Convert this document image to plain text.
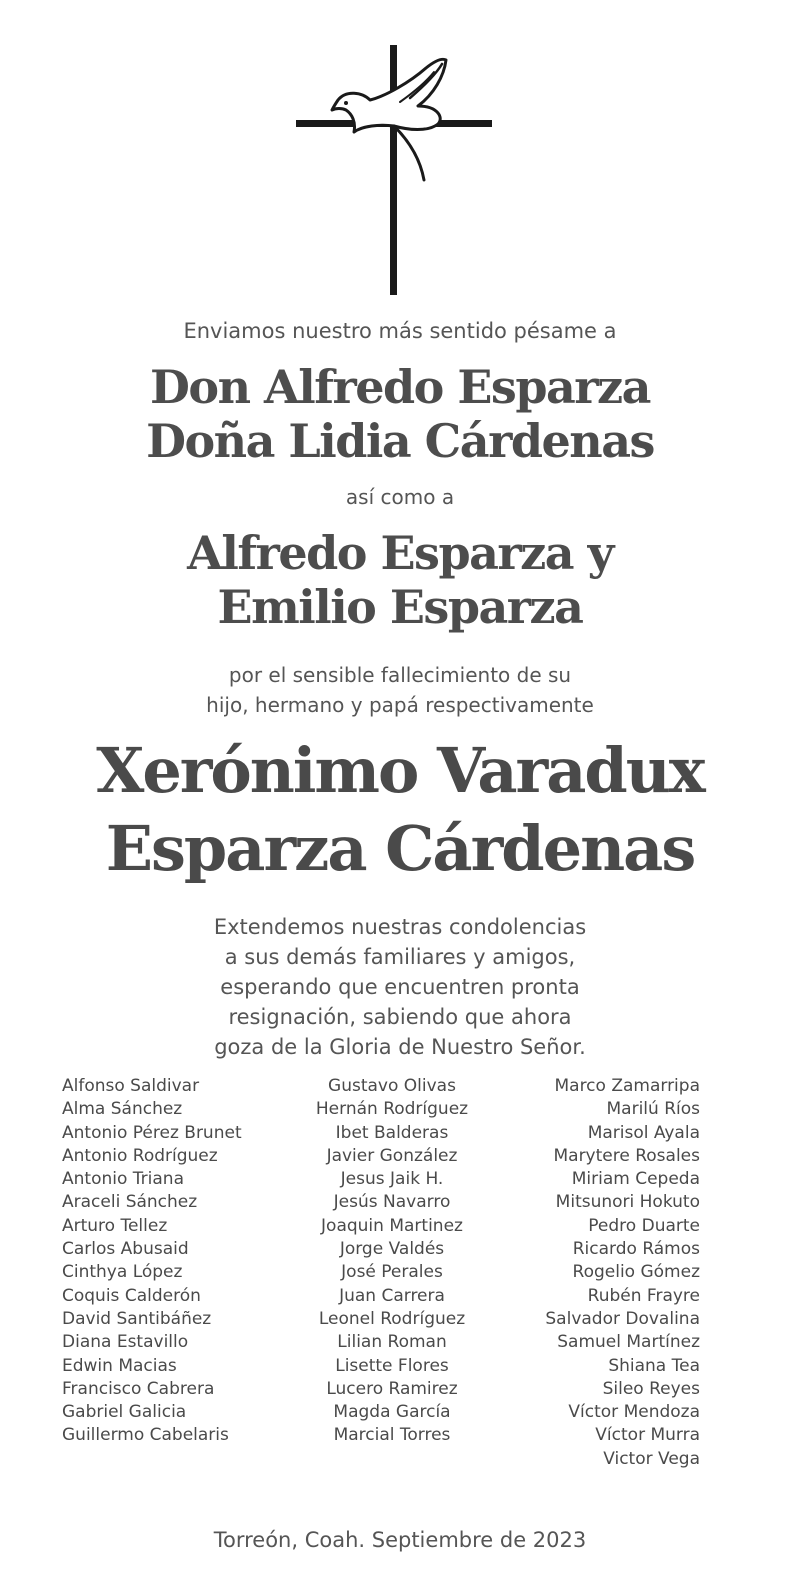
Enviamos nuestro más sentido pésame a
Don Alfredo Esparza
Doña Lidia Cárdenas
así como a
Alfredo Esparza y
Emilio Esparza
por el sensible fallecimiento de su
hijo, hermano y papá respectivamente
Xerónimo Varadux
Esparza Cárdenas
Extendemos nuestras condolencias
a sus demás familiares y amigos,
esperando que encuentren pronta
resignación, sabiendo que ahora
goza de la Gloria de Nuestro Señor.
Alfonso Saldivar
Alma Sánchez
Antonio Pérez Brunet
Antonio Rodríguez
Antonio Triana
Araceli Sánchez
Arturo Tellez
Carlos Abusaid
Cinthya López
Coquis Calderón
David Santibáñez
Diana Estavillo
Edwin Macias
Francisco Cabrera
Gabriel Galicia
Guillermo Cabelaris
Gustavo Olivas
Hernán Rodríguez
Ibet Balderas
Javier González
Jesus Jaik H.
Jesús Navarro
Joaquin Martinez
Jorge Valdés
José Perales
Juan Carrera
Leonel Rodríguez
Lilian Roman
Lisette Flores
Lucero Ramirez
Magda García
Marcial Torres
Marco Zamarripa
Marilú Ríos
Marisol Ayala
Marytere Rosales
Miriam Cepeda
Mitsunori Hokuto
Pedro Duarte
Ricardo Rámos
Rogelio Gómez
Rubén Frayre
Salvador Dovalina
Samuel Martínez
Shiana Tea
Sileo Reyes
Víctor Mendoza
Víctor Murra
Victor Vega
Torreón, Coah. Septiembre de 2023
